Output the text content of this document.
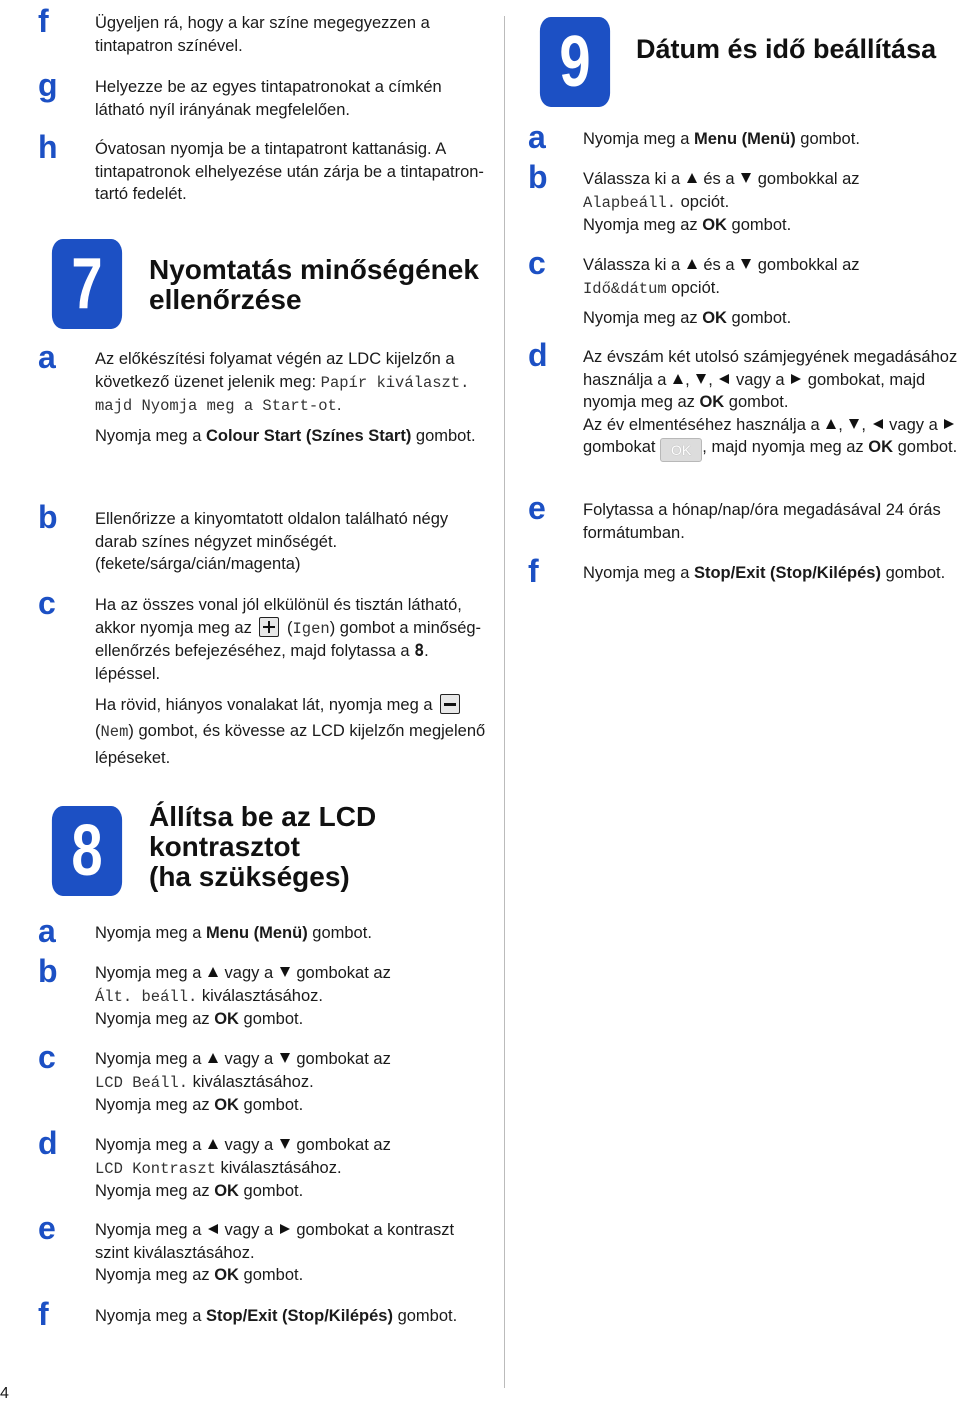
f	Ügyeljen rá, hogy a kar színe megegyezzen a tintapatron színével.
g	Helyezze be az egyes tintapatronokat a címkén látható nyíl irányának megfelelően.
h	Óvatosan nyomja be a tintapatront kattanásig. A tintapatronok elhelyezése után zárja be a tintapatron-tartó fedelét.
7	Nyomtatás minőségének
ellenőrzése
a	Az előkészítési folyamat végén az LDC kijelzőn a következő üzenet jelenik meg: Papír kiválaszt. majd Nyomja meg a Start-ot.

Nyomja meg a Colour Start (Színes Start) gombot.

b	Ellenőrizze a kinyomtatott oldalon található négy darab színes négyzet minőségét. (fekete/sárga/cián/magenta)
c	Ha az összes vonal jól elkülönül és tisztán látható, akkor nyomja meg az
(Igen) gombot a minőség-ellenőrzés befejezéséhez, majd folytassa a 8. lépéssel.

Ha rövid, hiányos vonalakat lát, nyomja meg a
(Nem) gombot, és kövesse az LCD kijelzőn megjelenő lépéseket.

8	Állítsa be az LCD
kontrasztot
(ha szükséges)
a	Nyomja meg a Menu (Menü) gombot.
b	Nyomja meg a  vagy a  gombokat az
Ált. beáll. kiválasztásához.
Nyomja meg az OK gombot.
c	Nyomja meg a  vagy a  gombokat az
LCD Beáll. kiválasztásához.
Nyomja meg az OK gombot.
d	Nyomja meg a  vagy a  gombokat az
LCD Kontraszt kiválasztásához.
Nyomja meg az OK gombot.
e	Nyomja meg a  vagy a  gombokat a kontraszt szint kiválasztásához.
Nyomja meg az OK gombot.
f	Nyomja meg a Stop/Exit (Stop/Kilépés) gombot.
9	Dátum és idő beállítása
a	Nyomja meg a Menu (Menü) gombot.
b	Válassza ki a  és a  gombokkal az
Alapbeáll. opciót.
Nyomja meg az OK gombot.
c	Válassza ki a  és a  gombokkal az
Idő&dátum opciót.
Nyomja meg az OK gombot.
d	Az évszám két utolsó számjegyének megadásához használja a , ,  vagy a  gombokat, majd nyomja meg az OK gombot.
Az év elmentéséhez használja a , ,  vagy a  gombokat OK , majd nyomja meg az OK gombot.
e	Folytassa a hónap/nap/óra megadásával 24 órás formátumban.
f	Nyomja meg a Stop/Exit (Stop/Kilépés) gombot.
4
